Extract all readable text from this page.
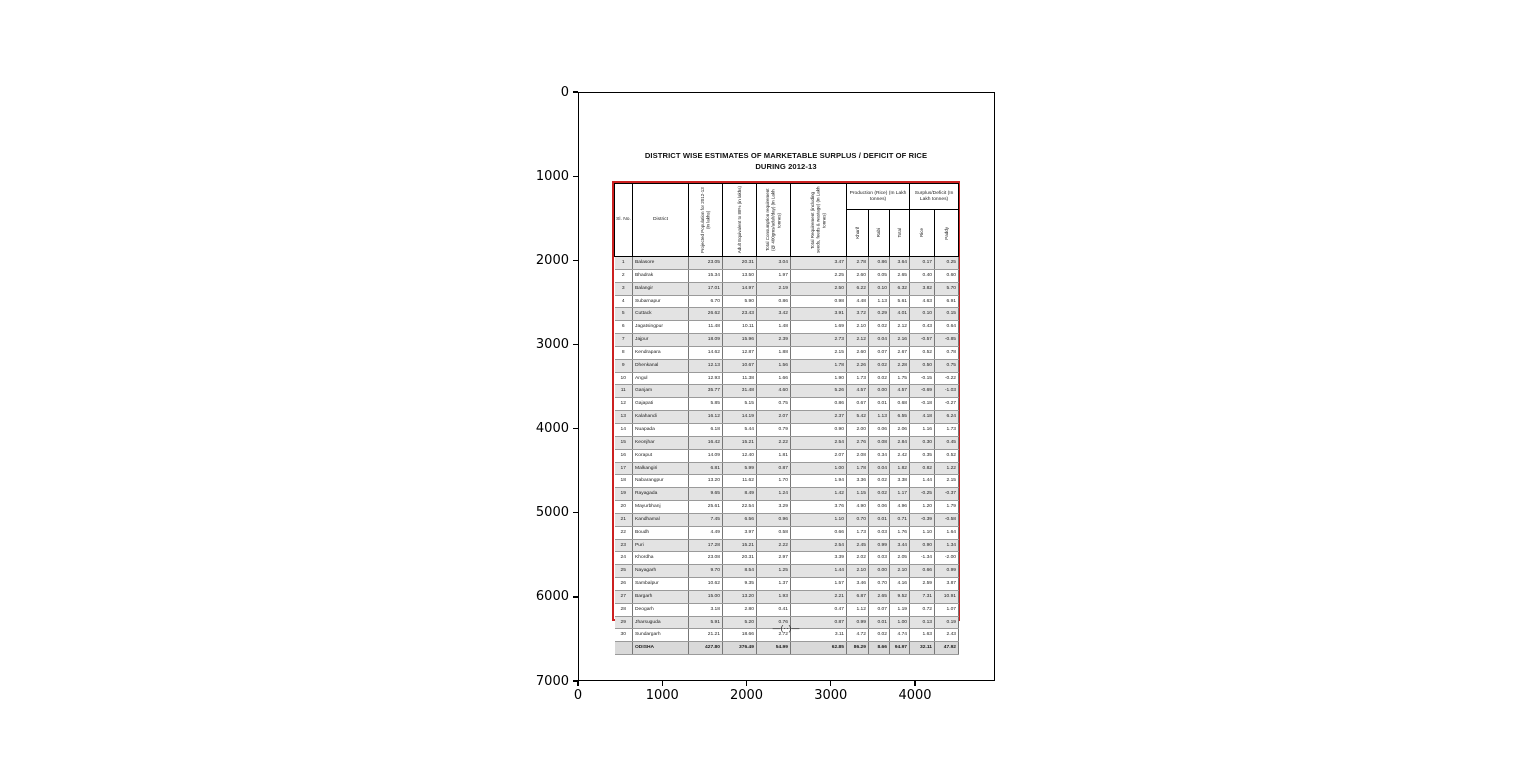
0
1000
2000
3000
4000
5000
6000
7000
0	1000	2000	3000	4000
DISTRICT WISE ESTIMATES OF MARKETABLE SURPLUS / DEFICIT OF RICE
DURING 2012-13
Sl. No.	District	Projected Population for 2012-13 (in lakhs)	Adult Equivalent to 88% (in lakhs)	Total Consumption requirement (@ 400gms/adult/day) (in Lakh tonnes)	Total Requirement (including seeds, feeds & wastage) (in Lakh tonnes)	Production (Rice) (In Lakh tonnes)			Surplus/Deficit (In Lakh tonnes)	

						Kharif	Rabi	Total	Rice	Paddy

1	Balasore	23.05	20.31	3.04	3.47	2.78	0.86	3.64	0.17	0.25
2	Bhadrak	15.34	13.50	1.97	2.25	2.60	0.05	2.65	0.40	0.60
3	Balangir	17.01	14.97	2.19	2.50	6.22	0.10	6.32	3.82	5.70
4	Subarnapur	6.70	5.90	0.86	0.98	4.48	1.13	5.61	4.63	6.91
5	Cuttack	26.62	23.43	3.42	3.91	3.72	0.29	4.01	0.10	0.15
6	Jagatsingpur	11.48	10.11	1.48	1.69	2.10	0.02	2.12	0.43	0.64
7	Jajpur	18.09	15.96	2.39	2.73	2.12	0.04	2.16	-0.57	-0.85
8	Kendrapara	14.62	12.87	1.88	2.15	2.60	0.07	2.67	0.52	0.78
9	Dhenkanal	12.13	10.67	1.56	1.78	2.26	0.02	2.28	0.50	0.75
10	Angul	12.93	11.38	1.66	1.90	1.73	0.02	1.75	-0.15	-0.22
11	Ganjam	35.77	31.48	4.60	5.26	4.57	0.00	4.57	-0.69	-1.03
12	Gajapati	5.85	5.15	0.75	0.86	0.67	0.01	0.68	-0.18	-0.27
13	Kalahandi	16.12	14.19	2.07	2.37	5.42	1.13	6.55	4.18	6.24
14	Nuapada	6.18	5.44	0.79	0.90	2.00	0.06	2.06	1.16	1.73
15	Keonjhar	16.42	15.21	2.22	2.54	2.76	0.08	2.84	0.30	0.45
16	Koraput	14.09	12.40	1.81	2.07	2.08	0.34	2.42	0.35	0.52
17	Malkangiri	6.81	5.99	0.87	1.00	1.78	0.04	1.82	0.82	1.22
18	Nabarangpur	13.20	11.62	1.70	1.94	3.36	0.02	3.38	1.44	2.15
19	Rayagada	9.65	8.49	1.24	1.42	1.15	0.02	1.17	-0.25	-0.37
20	Mayurbhanj	25.61	22.54	3.29	3.76	4.90	0.06	4.96	1.20	1.79
21	Kandhamal	7.45	6.56	0.96	1.10	0.70	0.01	0.71	-0.39	-0.58
22	Boudh	4.49	3.97	0.58	0.66	1.73	0.03	1.76	1.10	1.64
23	Puri	17.28	15.21	2.22	2.54	2.45	0.99	3.44	0.90	1.34
24	Khordha	23.08	20.31	2.97	3.39	2.02	0.03	2.05	-1.34	-2.00
25	Nayagarh	9.70	8.54	1.25	1.44	2.10	0.00	2.10	0.66	0.99
26	Sambalpur	10.62	9.35	1.37	1.57	3.46	0.70	4.16	2.59	3.87
27	Bargarh	15.00	13.20	1.93	2.21	6.87	2.65	9.52	7.31	10.91
28	Deogarh	3.18	2.80	0.41	0.47	1.12	0.07	1.19	0.72	1.07
29	Jharsuguda	5.91	5.20	0.76	0.87	0.99	0.01	1.00	0.13	0.19
30	Sundargarh	21.21	18.66	2.72	3.11	4.72	0.02	4.74	1.63	2.43
	ODISHA	427.80	376.49	54.99	62.85	86.29	8.66	94.97	32.11	47.92
—(··)—
